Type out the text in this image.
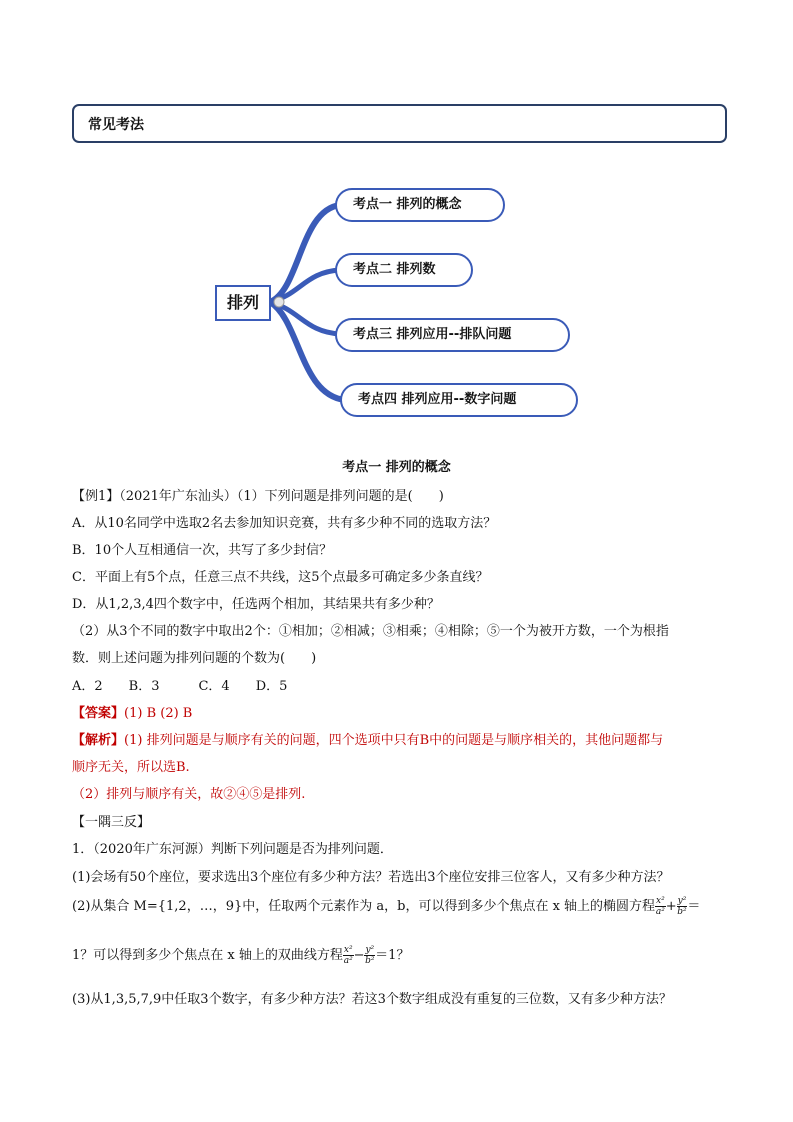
常见考法
排列
考点一 排列的概念
考点二 排列数
考点三 排列应用--排队问题
考点四 排列应用--数字问题
考点一 排列的概念
【例1】（2021年广东汕头）（1）下列问题是排列问题的是(　　)
A．从10名同学中选取2名去参加知识竞赛，共有多少种不同的选取方法？
B．10个人互相通信一次，共写了多少封信？
C．平面上有5个点，任意三点不共线，这5个点最多可确定多少条直线？
D．从1,2,3,4四个数字中，任选两个相加，其结果共有多少种？
（2）从3个不同的数字中取出2个：①相加；②相减；③相乘；④相除；⑤一个为被开方数，一个为根指
数．则上述问题为排列问题的个数为(　　)
A．2　　B．3　　　C．4　　D．5
【答案】(1) B (2) B
【解析】(1) 排列问题是与顺序有关的问题，四个选项中只有B中的问题是与顺序相关的，其他问题都与
顺序无关，所以选B.
（2）排列与顺序有关，故②④⑤是排列.
【一隅三反】
1．（2020年广东河源）判断下列问题是否为排列问题．
(1)会场有50个座位，要求选出3个座位有多少种方法？若选出3个座位安排三位客人，又有多少种方法？
(2)从集合 M={1,2，…，9}中，任取两个元素作为 a，b，可以得到多少个焦点在 x 轴上的椭圆方程 $\frac{\text{x²}}{\text{a²}} + \frac{\text{y²}}{\text{b²}}$ ＝
1？可以得到多少个焦点在 x 轴上的双曲线方程 $\frac{\text{x²}}{\text{a²}} - \frac{\text{y²}}{\text{b²}} =1$？
(3)从1,3,5,7,9中任取3个数字，有多少种方法？若这3个数字组成没有重复的三位数，又有多少种方法？
